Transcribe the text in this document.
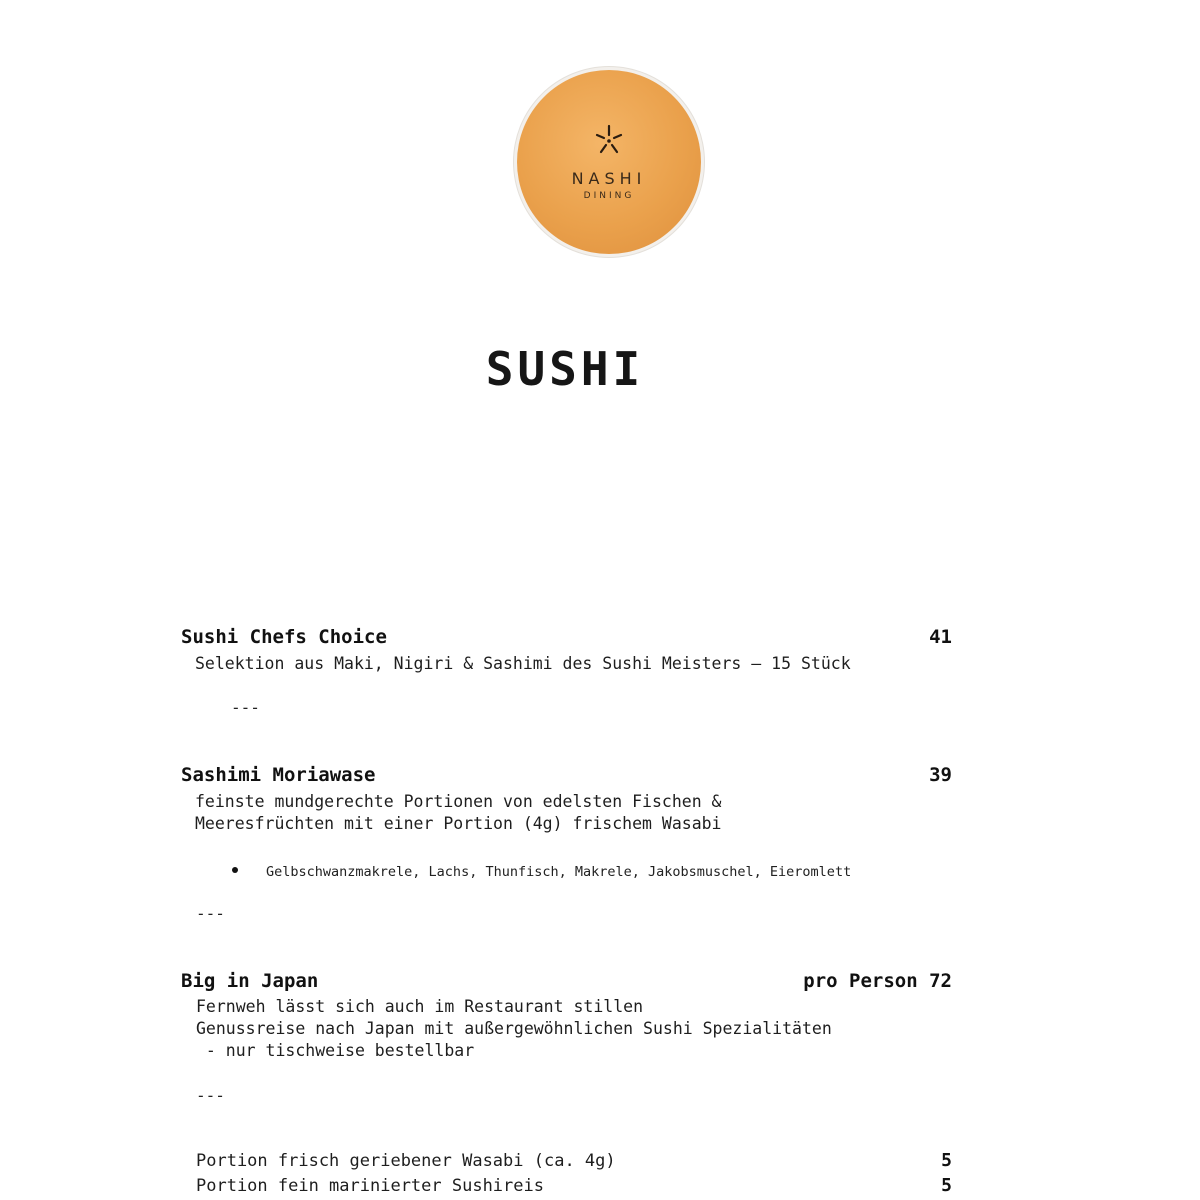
NASHI
DINING
SUSHI
Sushi Chefs Choice	41
Selektion aus Maki, Nigiri & Sashimi des Sushi Meisters – 15 Stück
---
Sashimi Moriawase	39
feinste mundgerechte Portionen von edelsten Fischen &
Meeresfrüchten mit einer Portion (4g) frischem Wasabi
Gelbschwanzmakrele, Lachs, Thunfisch, Makrele, Jakobsmuschel, Eieromlett
---
Big in Japan	pro Person 72
Fernweh lässt sich auch im Restaurant stillen
Genussreise nach Japan mit außergewöhnlichen Sushi Spezialitäten
- nur tischweise bestellbar
---
Portion frisch geriebener Wasabi (ca. 4g)	5
Portion fein marinierter Sushireis	5
